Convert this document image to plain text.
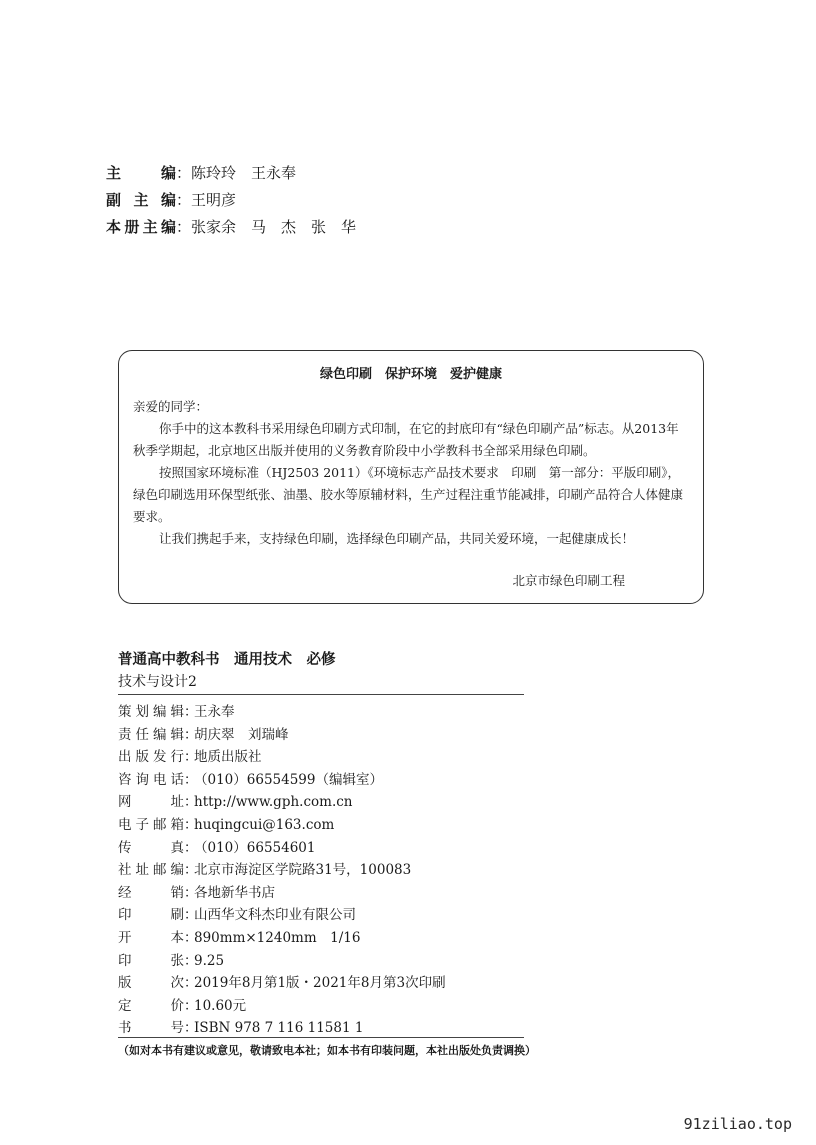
主　　编 ： 陈玲玲　王永奉
副 主 编 ： 王明彦
本册主编 ： 张家余　马　杰　张　华
绿色印刷　保护环境　爱护健康

亲爱的同学：

你手中的这本教科书采用绿色印刷方式印制，在它的封底印有“绿色印刷产品”标志。从2013年秋季学期起，北京地区出版并使用的义务教育阶段中小学教科书全部采用绿色印刷。

按照国家环境标准（HJ2503 2011）《环境标志产品技术要求　印刷　第一部分：平版印刷》，绿色印刷选用环保型纸张、油墨、胶水等原辅材料，生产过程注重节能减排，印刷产品符合人体健康要求。

让我们携起手来，支持绿色印刷，选择绿色印刷产品，共同关爱环境，一起健康成长！

北京市绿色印刷工程
普通高中教科书　通用技术　必修
技术与设计2
策划编辑 ：
王永奉
责任编辑 ：
胡庆翠　刘瑞峰
出版发行 ：
地质出版社
咨询电话 ：
（010）66554599（编辑室）
网　　址 ：
http://www.gph.com.cn
电子邮箱 ：
huqingcui@163.com
传　　真 ：
（010）66554601
社址邮编 ：
北京市海淀区学院路31号，100083
经　　销 ：
各地新华书店
印　　刷 ：
山西华文科杰印业有限公司
开　　本 ：
890mm×1240mm　1/16
印　　张 ：
9.25
版　　次 ：
2019年8月第1版・2021年8月第3次印刷
定　　价 ：
10.60元
书　　号 ：
ISBN 978 7 116 11581 1
（如对本书有建议或意见，敬请致电本社；如本书有印装问题，本社出版处负责调换）
91ziliao.top
